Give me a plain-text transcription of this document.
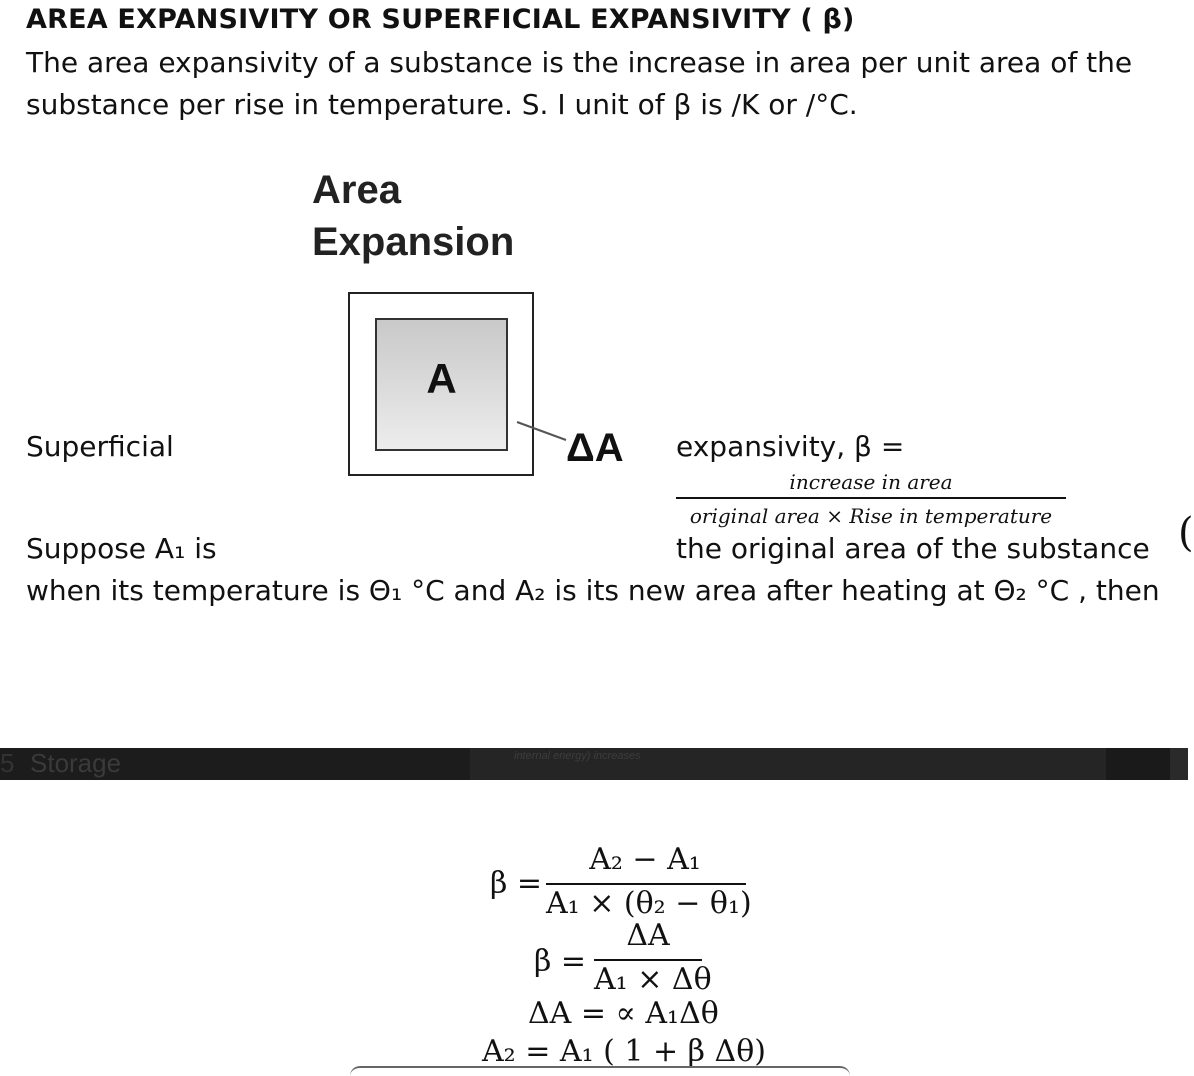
AREA EXPANSIVITY OR SUPERFICIAL EXPANSIVITY ( β)
The area expansivity of a substance is the increase in area per unit area of the
substance per rise in temperature. S. I unit of β is /K or /°C.
Area
Expansion
A
ΔA
Superficial	expansivity, β =
increase in area
original area × Rise in temperature	(
Suppose A₁ is	the original area of the substance
when its temperature is Θ₁ °C and A₂ is its new area after heating at Θ₂ °C , then
5 Storage	internal energy) increases
β =
A₂ − A₁
A₁ × (θ₂ − θ₁)
β =
ΔA
A₁ × Δθ
ΔA = ∝ A₁Δθ
A₂ = A₁ ( 1 + β Δθ)
